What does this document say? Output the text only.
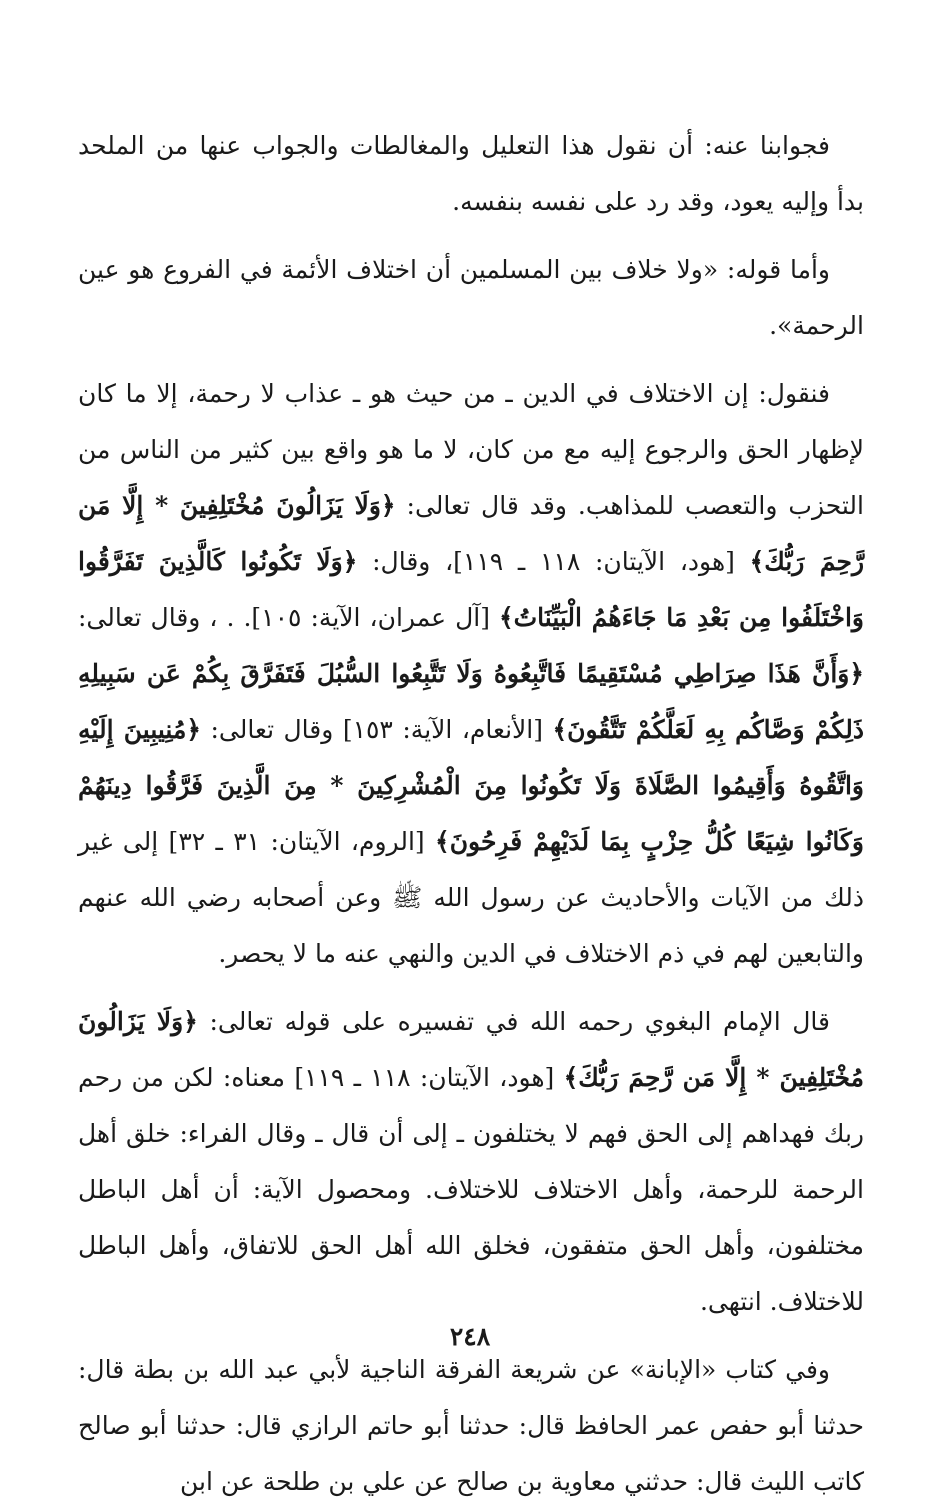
فجوابنا عنه: أن نقول هذا التعليل والمغالطات والجواب عنها من الملحد بدأ وإليه يعود، وقد رد على نفسه بنفسه.

وأما قوله: «ولا خلاف بين المسلمين أن اختلاف الأئمة في الفروع هو عين الرحمة».

فنقول: إن الاختلاف في الدين ـ من حيث هو ـ عذاب لا رحمة، إلا ما كان لإظهار الحق والرجوع إليه مع من كان، لا ما هو واقع بين كثير من الناس من التحزب والتعصب للمذاهب. وقد قال تعالى: ﴿وَلَا يَزَالُونَ مُخْتَلِفِينَ * إِلَّا مَن رَّحِمَ رَبُّكَ﴾ [هود، الآيتان: ١١٨ ـ ١١٩]، وقال: ﴿وَلَا تَكُونُوا كَالَّذِينَ تَفَرَّقُوا وَاخْتَلَفُوا مِن بَعْدِ مَا جَاءَهُمُ الْبَيِّنَاتُ﴾ [آل عمران، الآية: ١٠٥]. . ، وقال تعالى: ﴿وَأَنَّ هَذَا صِرَاطِي مُسْتَقِيمًا فَاتَّبِعُوهُ وَلَا تَتَّبِعُوا السُّبُلَ فَتَفَرَّقَ بِكُمْ عَن سَبِيلِهِ ذَلِكُمْ وَصَّاكُم بِهِ لَعَلَّكُمْ تَتَّقُونَ﴾ [الأنعام، الآية: ١٥٣] وقال تعالى: ﴿مُنِيبِينَ إِلَيْهِ وَاتَّقُوهُ وَأَقِيمُوا الصَّلَاةَ وَلَا تَكُونُوا مِنَ الْمُشْرِكِينَ * مِنَ الَّذِينَ فَرَّقُوا دِينَهُمْ وَكَانُوا شِيَعًا كُلُّ حِزْبٍ بِمَا لَدَيْهِمْ فَرِحُونَ﴾ [الروم، الآيتان: ٣١ ـ ٣٢] إلى غير ذلك من الآيات والأحاديث عن رسول الله ﷺ وعن أصحابه رضي الله عنهم والتابعين لهم في ذم الاختلاف في الدين والنهي عنه ما لا يحصر.

قال الإمام البغوي رحمه الله في تفسيره على قوله تعالى: ﴿وَلَا يَزَالُونَ مُخْتَلِفِينَ * إِلَّا مَن رَّحِمَ رَبُّكَ﴾ [هود، الآيتان: ١١٨ ـ ١١٩] معناه: لكن من رحم ربك فهداهم إلى الحق فهم لا يختلفون ـ إلى أن قال ـ وقال الفراء: خلق أهل الرحمة للرحمة، وأهل الاختلاف للاختلاف. ومحصول الآية: أن أهل الباطل مختلفون، وأهل الحق متفقون، فخلق الله أهل الحق للاتفاق، وأهل الباطل للاختلاف. انتهى.

وفي كتاب «الإبانة» عن شريعة الفرقة الناجية لأبي عبد الله بن بطة قال: حدثنا أبو حفص عمر الحافظ قال: حدثنا أبو حاتم الرازي قال: حدثنا أبو صالح كاتب الليث قال: حدثني معاوية بن صالح عن علي بن طلحة عن ابن

٢٤٨
